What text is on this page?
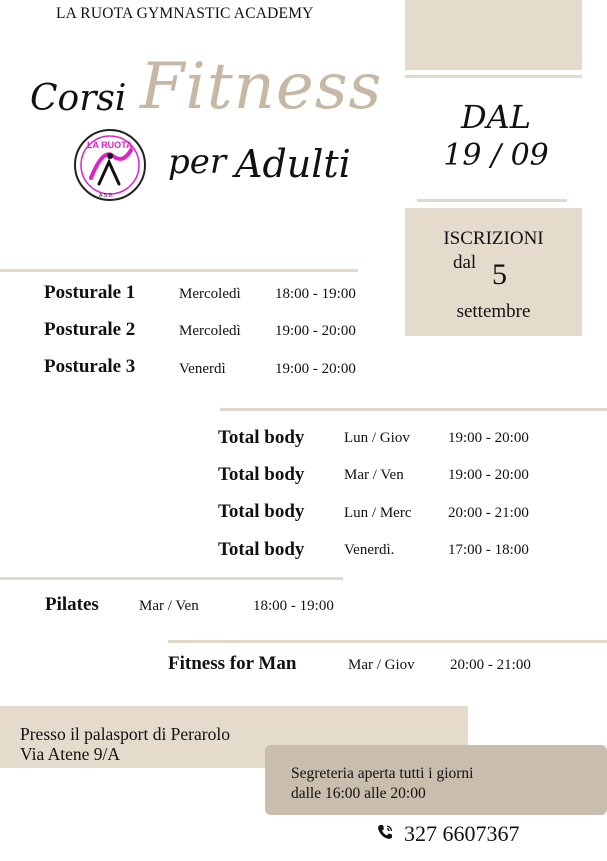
LA RUOTA GYMNASTIC ACADEMY
Fitness
Corsi
per Adulti
LA RUOTA
A.S.D.
DAL
19 / 09
ISCRIZIONI
dal 5
settembre
Posturale 1	Mercoledì 18:00 - 19:00
Posturale 2	Mercoledì 19:00 - 20:00
Posturale 3	Venerdì	19:00 - 20:00
Total body	Lun / Giov	19:00 - 20:00
Total body	Mar / Ven	19:00 - 20:00
Total body	Lun / Merc 20:00 - 21:00
Total body	Venerdì.	17:00 - 18:00
Pilates	Mar / Ven	18:00 - 19:00
Fitness for Man	Mar / Giov 20:00 - 21:00
Presso il palasport di Perarolo
Via Atene 9/A
Segreteria aperta tutti i giorni
dalle 16:00 alle 20:00
327 6607367
